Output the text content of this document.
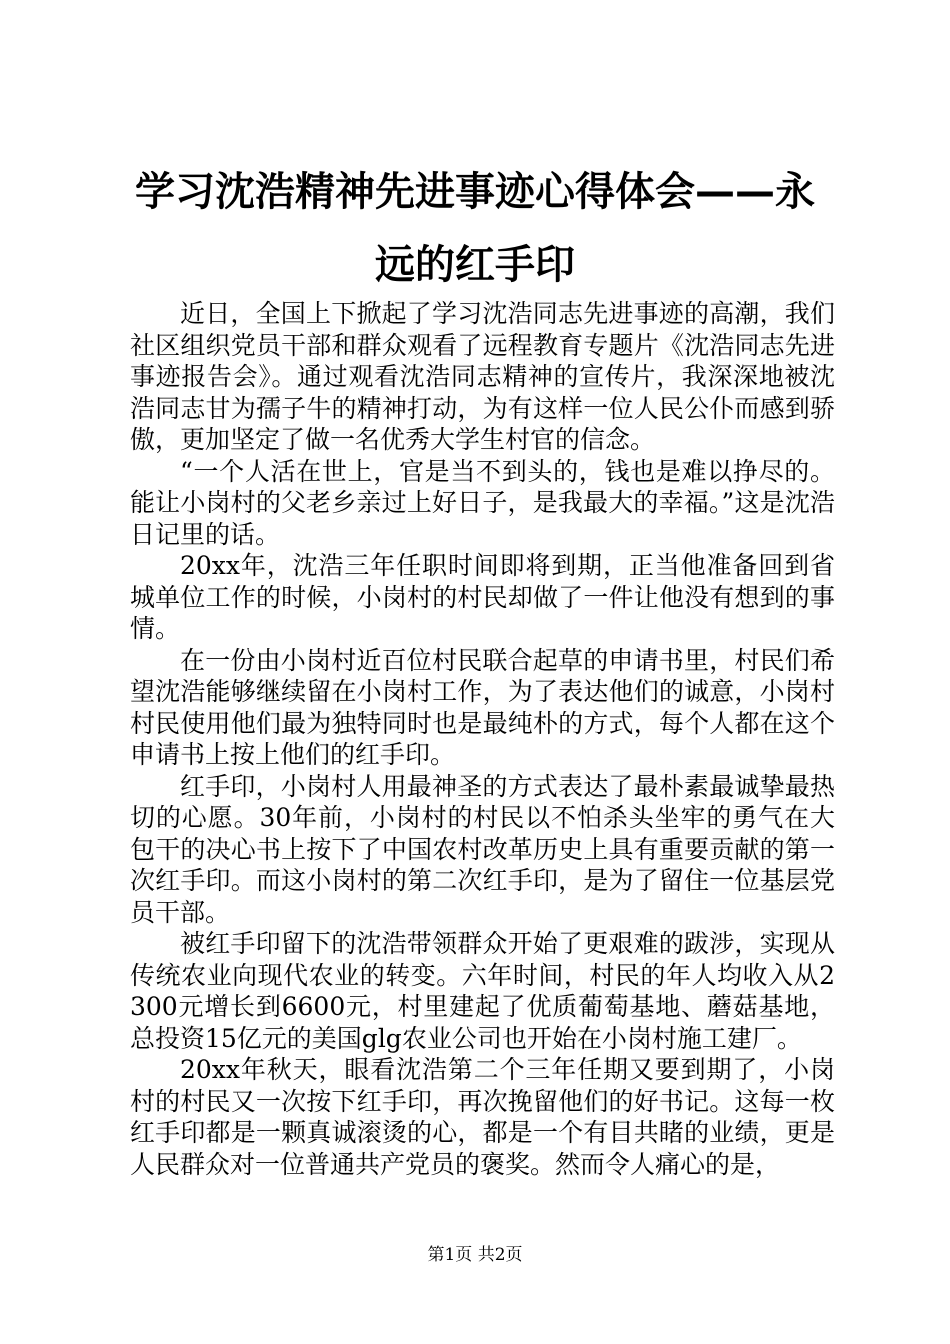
学习沈浩精神先进事迹心得体会——永远的红手印

近日，全国上下掀起了学习沈浩同志先进事迹的高潮，我们社区组织党员干部和群众观看了远程教育专题片《沈浩同志先进事迹报告会》。通过观看沈浩同志精神的宣传片，我深深地被沈浩同志甘为孺子牛的精神打动，为有这样一位人民公仆而感到骄傲，更加坚定了做一名优秀大学生村官的信念。

“一个人活在世上，官是当不到头的，钱也是难以挣尽的。能让小岗村的父老乡亲过上好日子，是我最大的幸福。”这是沈浩日记里的话。

20xx年，沈浩三年任职时间即将到期，正当他准备回到省城单位工作的时候，小岗村的村民却做了一件让他没有想到的事情。

在一份由小岗村近百位村民联合起草的申请书里，村民们希望沈浩能够继续留在小岗村工作，为了表达他们的诚意，小岗村村民使用他们最为独特同时也是最纯朴的方式，每个人都在这个申请书上按上他们的红手印。

红手印，小岗村人用最神圣的方式表达了最朴素最诚挚最热切的心愿。30年前，小岗村的村民以不怕杀头坐牢的勇气在大包干的决心书上按下了中国农村改革历史上具有重要贡献的第一次红手印。而这小岗村的第二次红手印，是为了留住一位基层党员干部。

被红手印留下的沈浩带领群众开始了更艰难的跋涉，实现从传统农业向现代农业的转变。六年时间，村民的年人均收入从2300元增长到6600元，村里建起了优质葡萄基地、蘑菇基地，总投资15亿元的美国glg农业公司也开始在小岗村施工建厂。

20xx年秋天，眼看沈浩第二个三年任期又要到期了，小岗村的村民又一次按下红手印，再次挽留他们的好书记。这每一枚红手印都是一颗真诚滚烫的心，都是一个有目共睹的业绩，更是人民群众对一位普通共产党员的褒奖。然而令人痛心的是，

第1页 共2页
